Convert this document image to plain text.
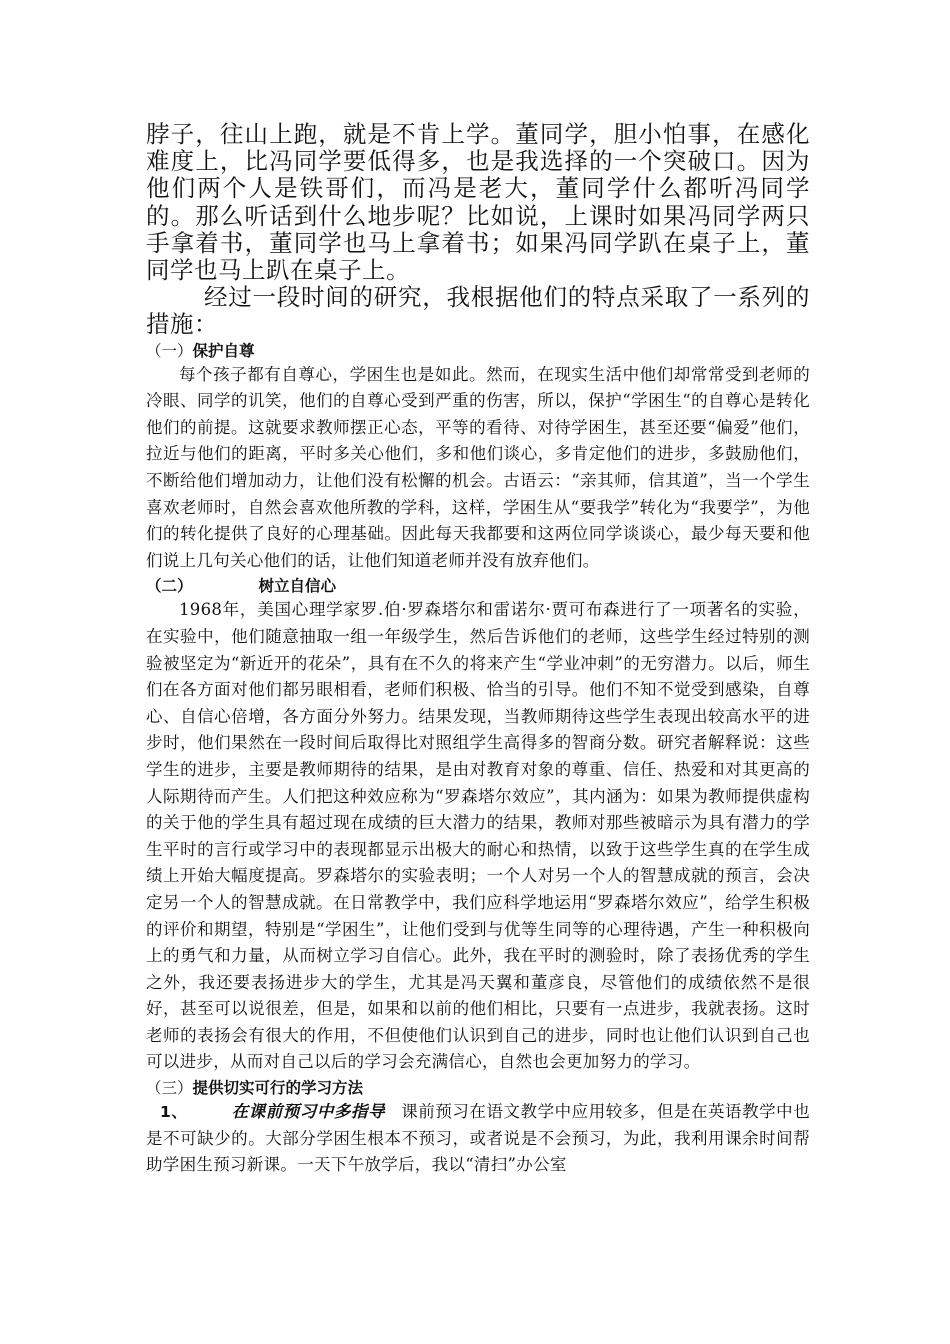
脖子，往山上跑，就是不肯上学。董同学，胆小怕事，在感化难度上，比冯同学要低得多，也是我选择的一个突破口。因为他们两个人是铁哥们，而冯是老大，董同学什么都听冯同学的。那么听话到什么地步呢？比如说，上课时如果冯同学两只手拿着书，董同学也马上拿着书；如果冯同学趴在桌子上，董同学也马上趴在桌子上。

经过一段时间的研究，我根据他们的特点采取了一系列的措施：

（一）保护自尊

每个孩子都有自尊心，学困生也是如此。然而，在现实生活中他们却常常受到老师的冷眼、同学的讥笑，他们的自尊心受到严重的伤害，所以，保护“学困生“的自尊心是转化他们的前提。这就要求教师摆正心态，平等的看待、对待学困生，甚至还要“偏爱”他们，拉近与他们的距离，平时多关心他们，多和他们谈心，多肯定他们的进步，多鼓励他们，不断给他们增加动力，让他们没有松懈的机会。古语云：“亲其师，信其道”，当一个学生喜欢老师时，自然会喜欢他所教的学科，这样，学困生从“要我学”转化为“我要学”，为他们的转化提供了良好的心理基础。因此每天我都要和这两位同学谈谈心，最少每天要和他们说上几句关心他们的话，让他们知道老师并没有放弃他们。

（二）	树立自信心

1968年，美国心理学家罗.伯·罗森塔尔和雷诺尔·贾可布森进行了一项著名的实验，在实验中，他们随意抽取一组一年级学生，然后告诉他们的老师，这些学生经过特别的测验被坚定为“新近开的花朵”，具有在不久的将来产生“学业冲刺”的无穷潜力。以后，师生们在各方面对他们都另眼相看，老师们积极、恰当的引导。他们不知不觉受到感染，自尊心、自信心倍增，各方面分外努力。结果发现，当教师期待这些学生表现出较高水平的进步时，他们果然在一段时间后取得比对照组学生高得多的智商分数。研究者解释说：这些学生的进步，主要是教师期待的结果，是由对教育对象的尊重、信任、热爱和对其更高的人际期待而产生。人们把这种效应称为“罗森塔尔效应”，其内涵为：如果为教师提供虚构的关于他的学生具有超过现在成绩的巨大潜力的结果，教师对那些被暗示为具有潜力的学生平时的言行或学习中的表现都显示出极大的耐心和热情，以致于这些学生真的在学生成绩上开始大幅度提高。罗森塔尔的实验表明；一个人对另一个人的智慧成就的预言，会决定另一个人的智慧成就。在日常教学中，我们应科学地运用“罗森塔尔效应”，给学生积极的评价和期望，特别是“学困生”，让他们受到与优等生同等的心理待遇，产生一种积极向上的勇气和力量，从而树立学习自信心。此外，我在平时的测验时，除了表扬优秀的学生之外，我还要表扬进步大的学生，尤其是冯天翼和董彦良，尽管他们的成绩依然不是很好，甚至可以说很差，但是，如果和以前的他们相比，只要有一点进步，我就表扬。这时老师的表扬会有很大的作用，不但使他们认识到自己的进步，同时也让他们认识到自己也可以进步，从而对自己以后的学习会充满信心，自然也会更加努力的学习。

（三）提供切实可行的学习方法

1、	在课前预习中多指导 课前预习在语文教学中应用较多，但是在英语教学中也是不可缺少的。大部分学困生根本不预习，或者说是不会预习，为此，我利用课余时间帮助学困生预习新课。一天下午放学后，我以“清扫”办公室
